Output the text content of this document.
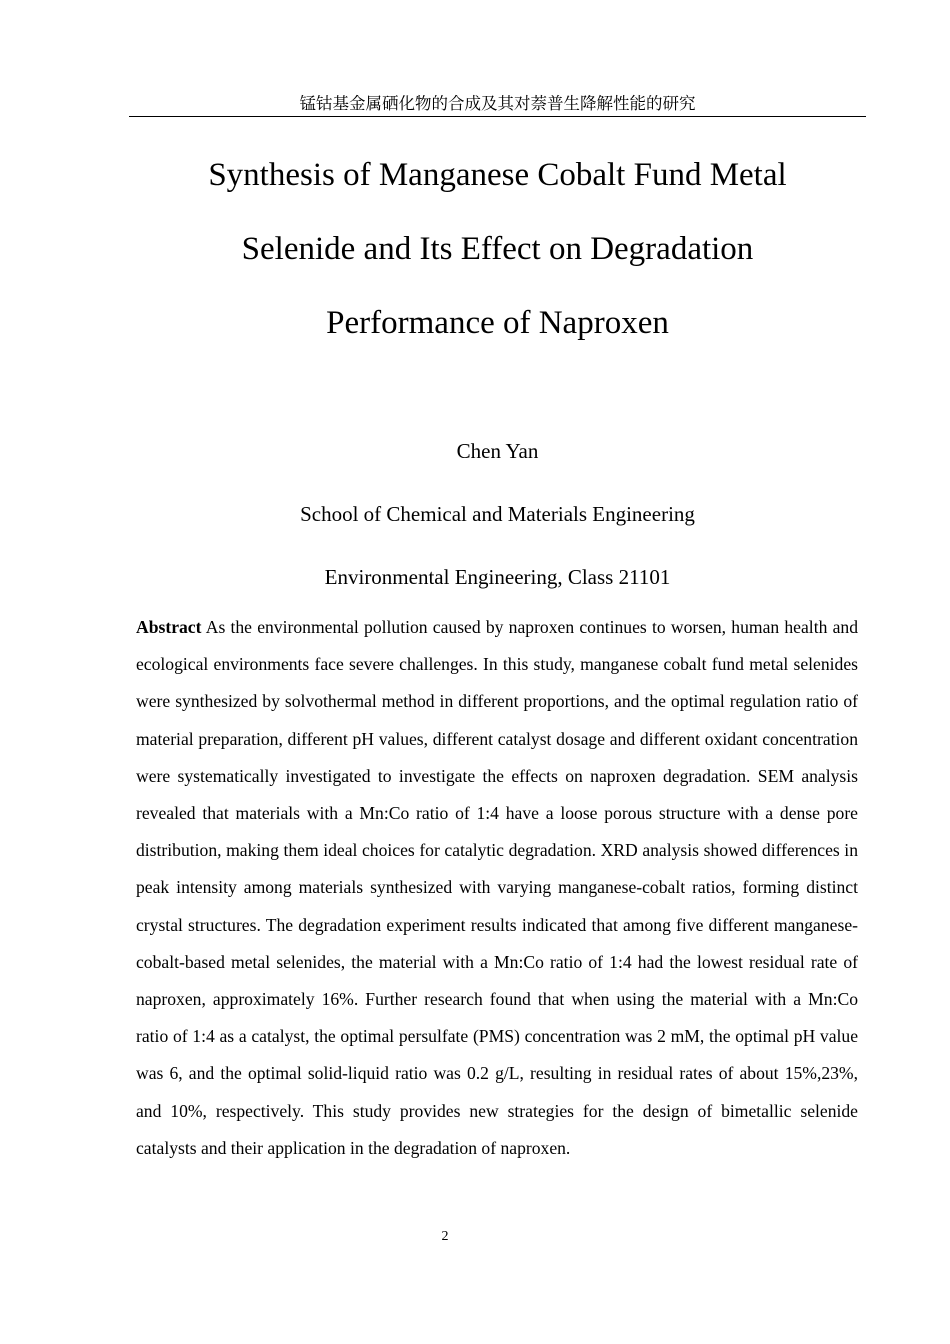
锰钴基金属硒化物的合成及其对萘普生降解性能的研究
Synthesis of Manganese Cobalt Fund Metal
Selenide and Its Effect on Degradation
Performance of Naproxen
Chen Yan
School of Chemical and Materials Engineering
Environmental Engineering, Class 21101

Abstract As the environmental pollution caused by naproxen continues to worsen, human health and ecological environments face severe challenges. In this study, manganese cobalt fund metal selenides were synthesized by solvothermal method in different proportions, and the optimal regulation ratio of material preparation, different pH values, different catalyst dosage and different oxidant concentration were systematically investigated to investigate the effects on naproxen degradation. SEM analysis revealed that materials with a Mn:Co ratio of 1:4 have a loose porous structure with a dense pore distribution, making them ideal choices for catalytic degradation. XRD analysis showed differences in peak intensity among materials synthesized with varying manganese-cobalt ratios, forming distinct crystal structures. The degradation experiment results indicated that among five different manganese-cobalt-based metal selenides, the material with a Mn:Co ratio of 1:4 had the lowest residual rate of naproxen, approximately 16%. Further research found that when using the material with a Mn:Co ratio of 1:4 as a catalyst, the optimal persulfate (PMS) concentration was 2 mM, the optimal pH value was 6, and the optimal solid-liquid ratio was 0.2 g/L, resulting in residual rates of about 15%,23%, and 10%, respectively. This study provides new strategies for the design of bimetallic selenide catalysts and their application in the degradation of naproxen.

2
